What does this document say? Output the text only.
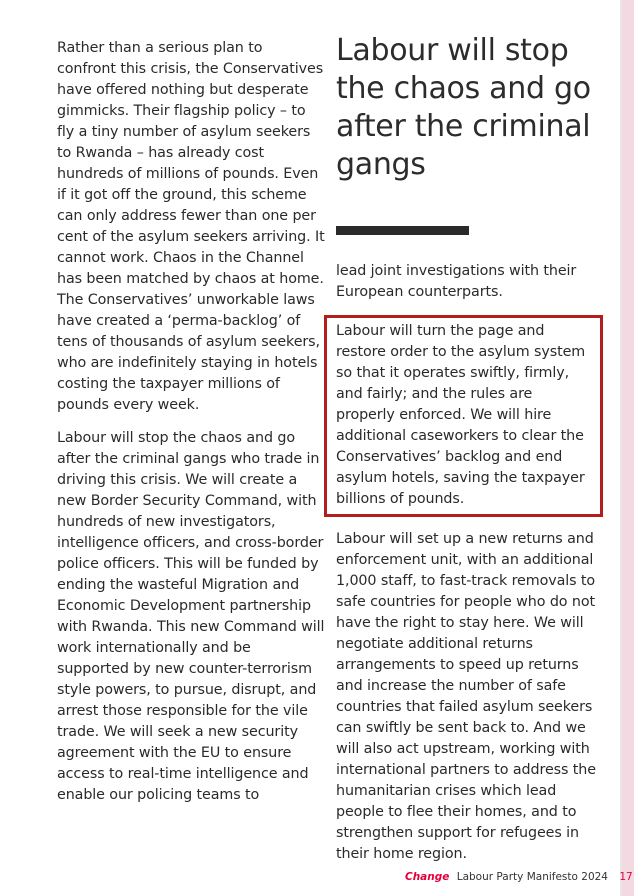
Rather than a serious plan to confront this crisis, the Conservatives have offered nothing but desperate gimmicks. Their flagship policy – to fly a tiny number of asylum seekers to Rwanda – has already cost hundreds of millions of pounds. Even if it got off the ground, this scheme can only address fewer than one per cent of the asylum seekers arriving. It cannot work. Chaos in the Channel has been matched by chaos at home. The Conservatives’ unworkable laws have created a ‘perma-backlog’ of tens of thousands of asylum seekers, who are indefinitely staying in hotels costing the taxpayer millions of pounds every week.

Labour will stop the chaos and go after the criminal gangs who trade in driving this crisis. We will create a new Border Security Command, with hundreds of new investigators, intelligence officers, and cross-border police officers. This will be funded by ending the wasteful Migration and Economic Development partnership with Rwanda. This new Command will work internationally and be supported by new counter-terrorism style powers, to pursue, disrupt, and arrest those responsible for the vile trade. We will seek a new security agreement with the EU to ensure access to real-time intelligence and enable our policing teams to

Labour will stop the chaos and go after the criminal gangs

lead joint investigations with their European counterparts.

Labour will turn the page and restore order to the asylum system so that it operates swiftly, firmly, and fairly; and the rules are properly enforced. We will hire additional caseworkers to clear the Conservatives’ backlog and end asylum hotels, saving the taxpayer billions of pounds.

Labour will set up a new returns and enforcement unit, with an additional 1,000 staff, to fast-track removals to safe countries for people who do not have the right to stay here. We will negotiate additional returns arrangements to speed up returns and increase the number of safe countries that failed asylum seekers can swiftly be sent back to. And we will also act upstream, working with international partners to address the humanitarian crises which lead people to flee their homes, and to strengthen support for refugees in their home region.

Change Labour Party Manifesto 2024 17
